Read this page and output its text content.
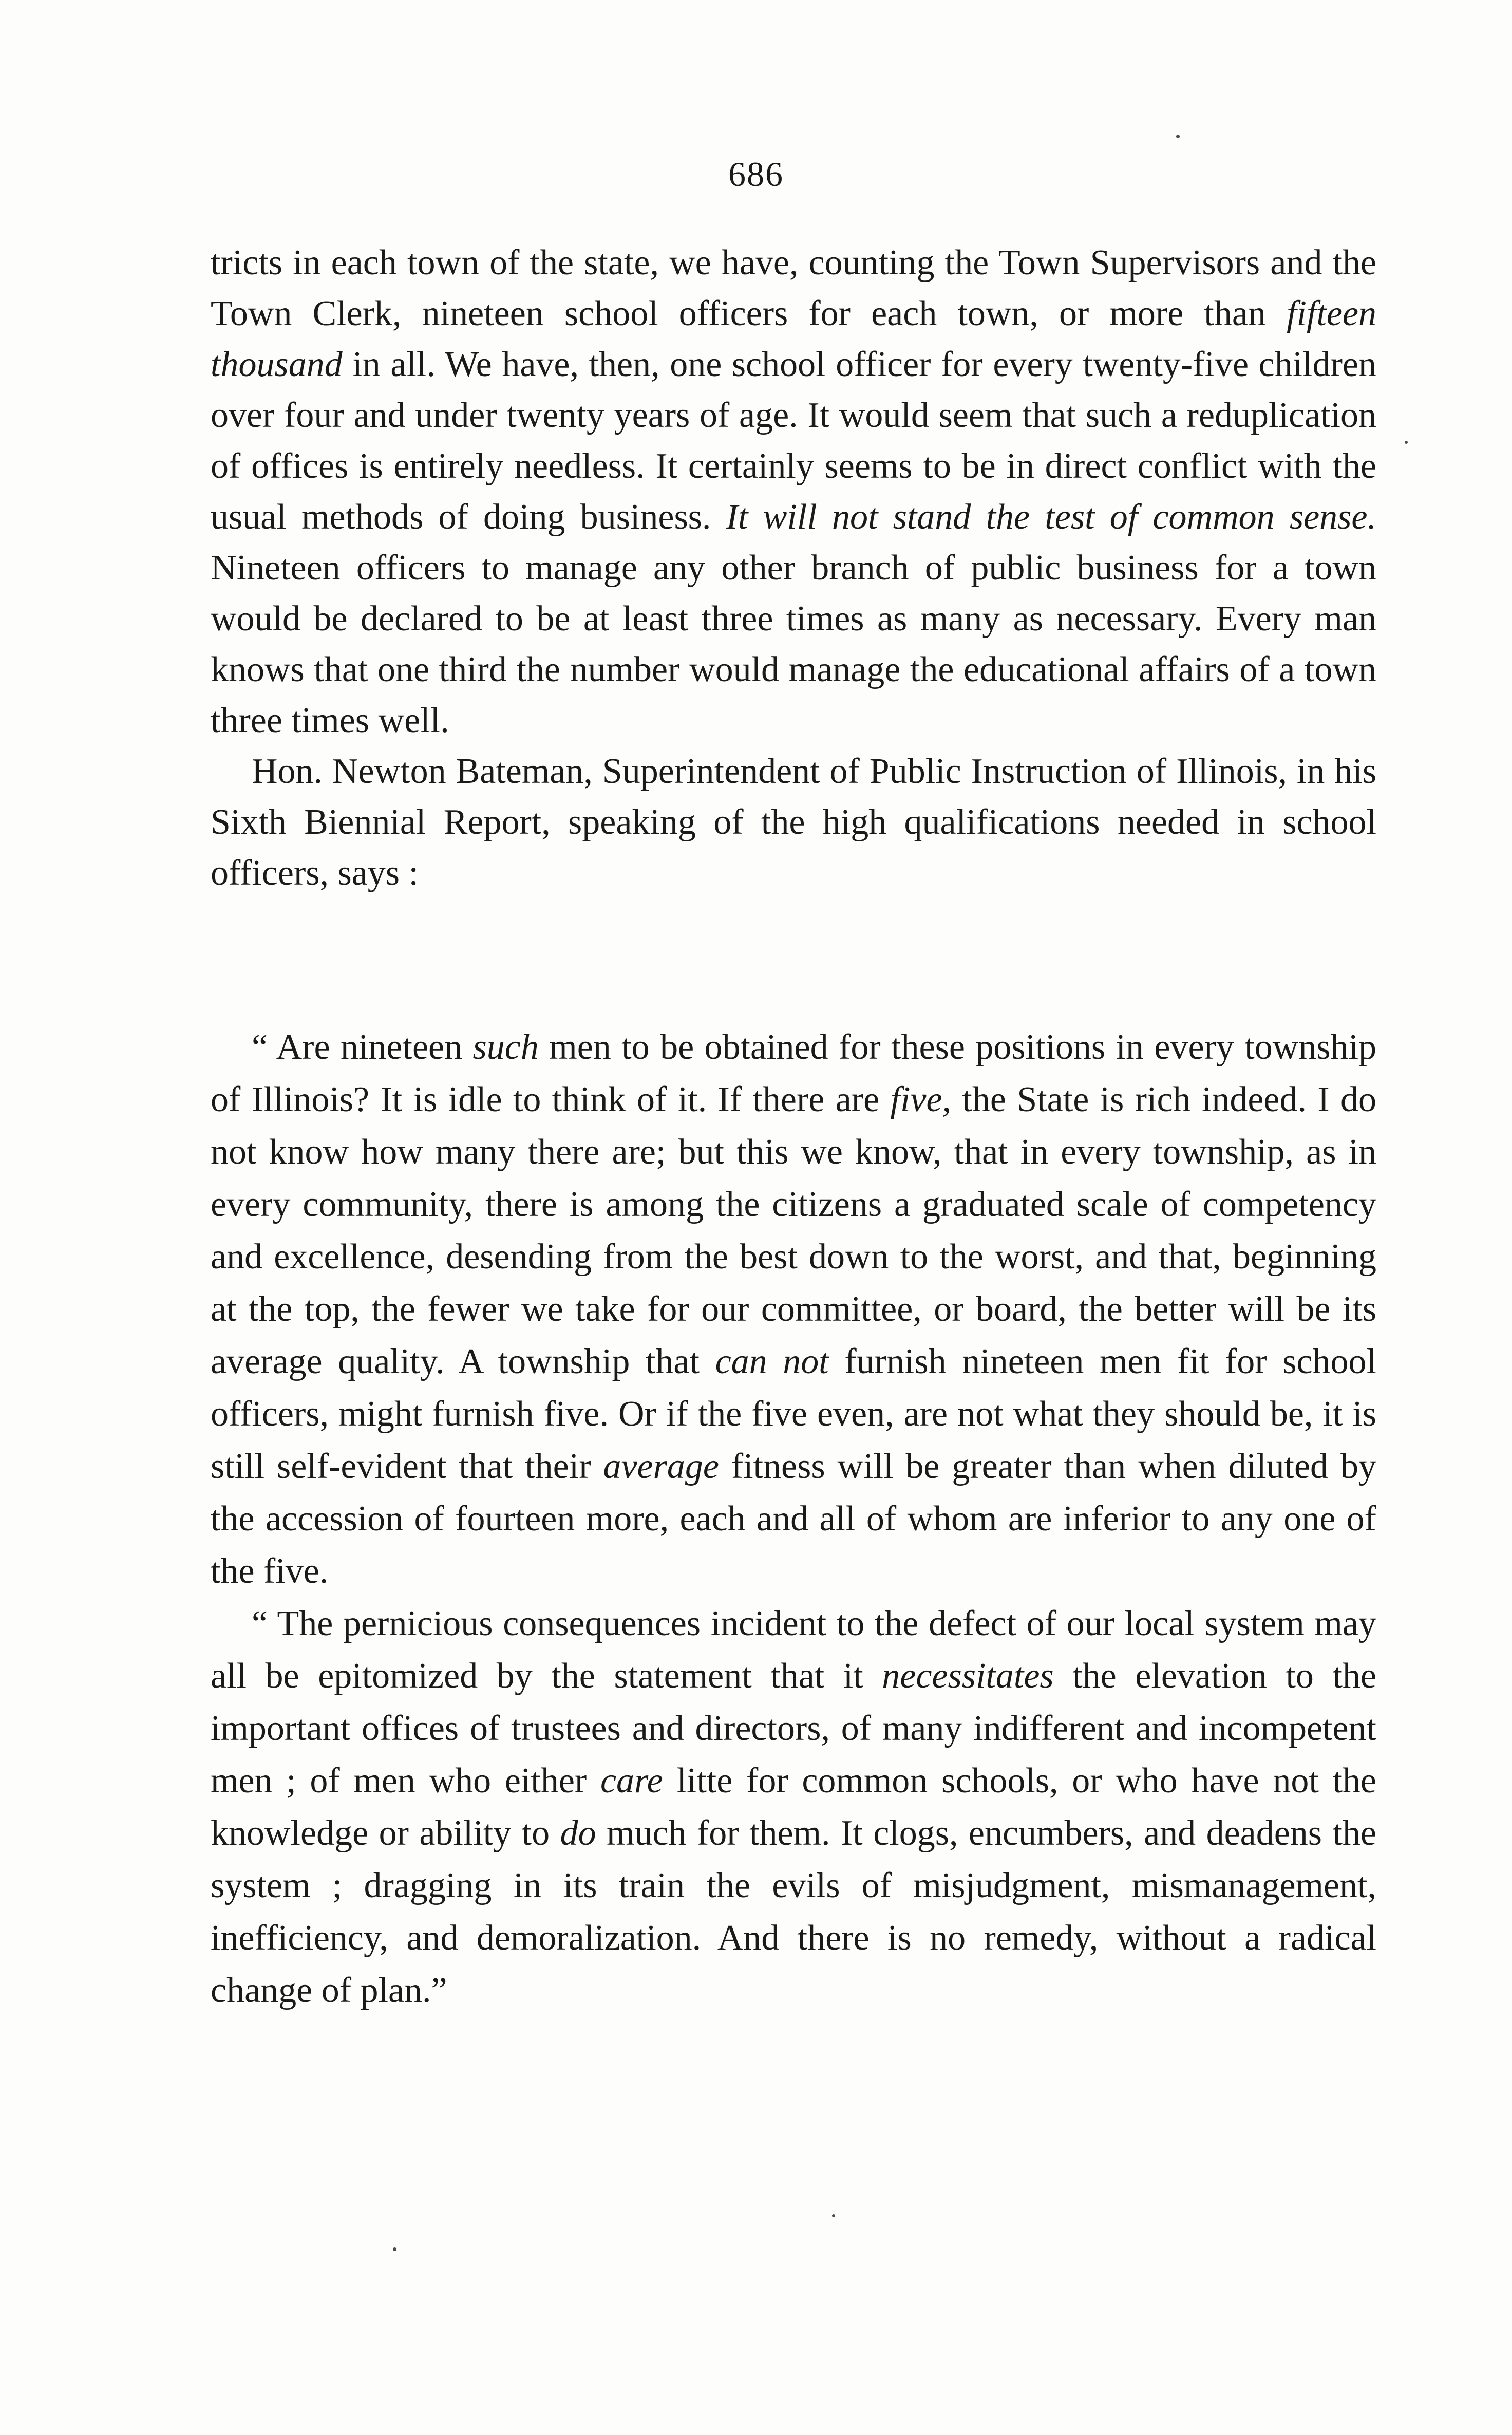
686

tricts in each town of the state, we have, counting the Town Supervisors and the Town Clerk, nineteen school officers for each town, or more than fifteen thousand in all. We have, then, one school officer for every twenty-five children over four and under twenty years of age. It would seem that such a reduplication of offices is entirely needless. It certainly seems to be in direct conflict with the usual methods of doing business. It will not stand the test of common sense. Nineteen officers to manage any other branch of public business for a town would be declared to be at least three times as many as necessary. Every man knows that one third the number would manage the educational affairs of a town three times well.

Hon. Newton Bateman, Superintendent of Public Instruction of Illinois, in his Sixth Biennial Report, speaking of the high qualifications needed in school officers, says :

“ Are nineteen such men to be obtained for these positions in every township of Illinois? It is idle to think of it. If there are five, the State is rich indeed. I do not know how many there are; but this we know, that in every township, as in every community, there is among the citizens a graduated scale of competency and excellence, desending from the best down to the worst, and that, beginning at the top, the fewer we take for our committee, or board, the better will be its average quality. A township that can not furnish nineteen men fit for school officers, might furnish five. Or if the five even, are not what they should be, it is still self-evident that their average fitness will be greater than when diluted by the accession of fourteen more, each and all of whom are inferior to any one of the five.

“ The pernicious consequences incident to the defect of our local system may all be epitomized by the statement that it necessitates the elevation to the important offices of trustees and directors, of many indifferent and incompetent men ; of men who either care litte for common schools, or who have not the knowledge or ability to do much for them. It clogs, encumbers, and deadens the system ; dragging in its train the evils of misjudgment, mismanagement, inefficiency, and demoralization. And there is no remedy, without a radical change of plan.”
